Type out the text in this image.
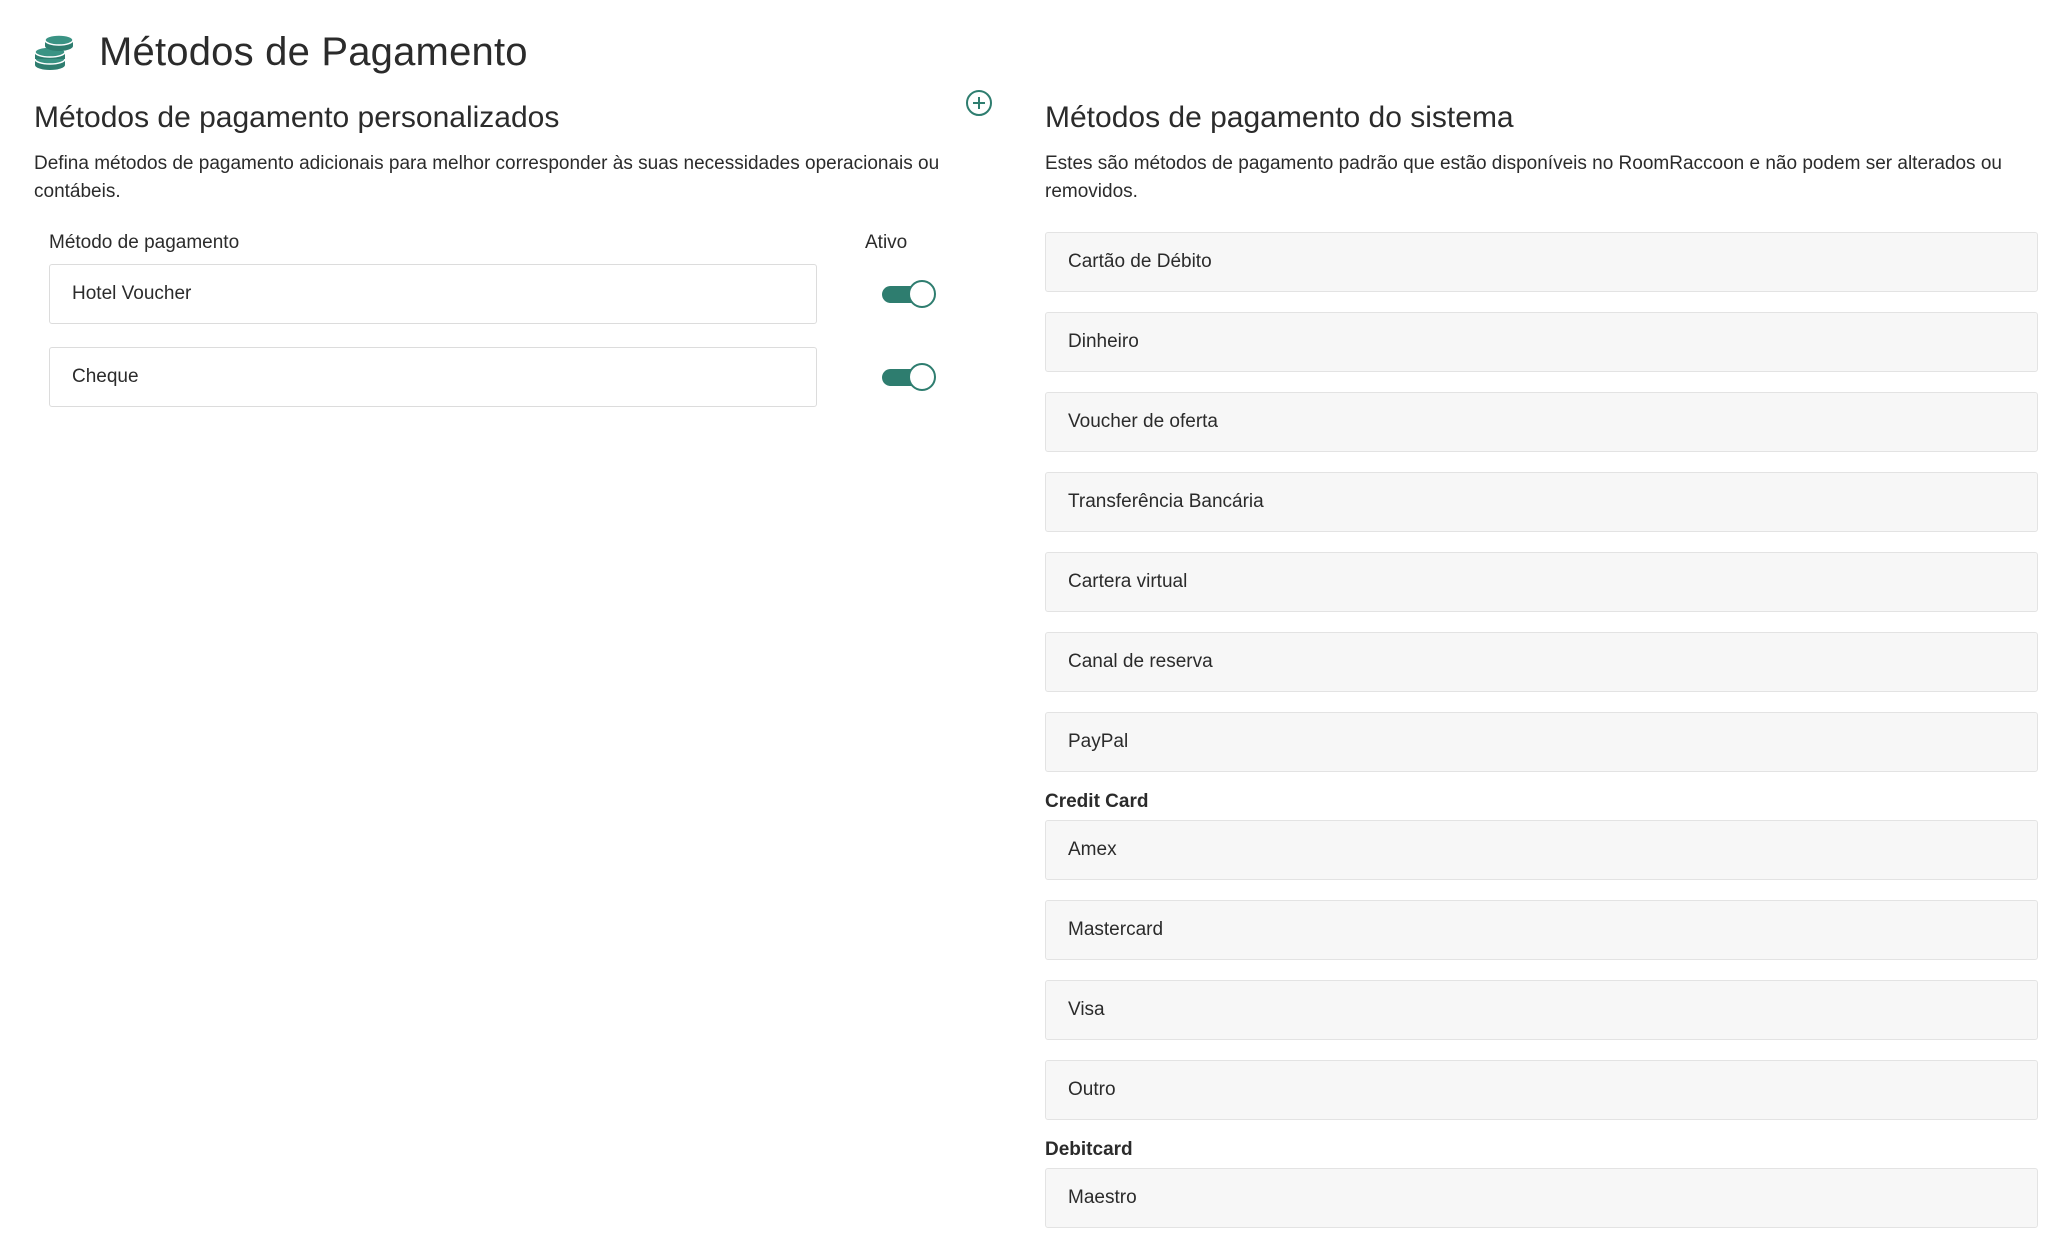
Métodos de Pagamento
Métodos de pagamento personalizados
Defina métodos de pagamento adicionais para melhor corresponder às suas necessidades operacionais ou contábeis.
Método de pagamento	Ativo
Hotel Voucher
Cheque
Métodos de pagamento do sistema
Estes são métodos de pagamento padrão que estão disponíveis no RoomRaccoon e não podem ser alterados ou removidos.
Cartão de Débito
Dinheiro
Voucher de oferta
Transferência Bancária
Cartera virtual
Canal de reserva
PayPal
Credit Card
Amex
Mastercard
Visa
Outro
Debitcard
Maestro
